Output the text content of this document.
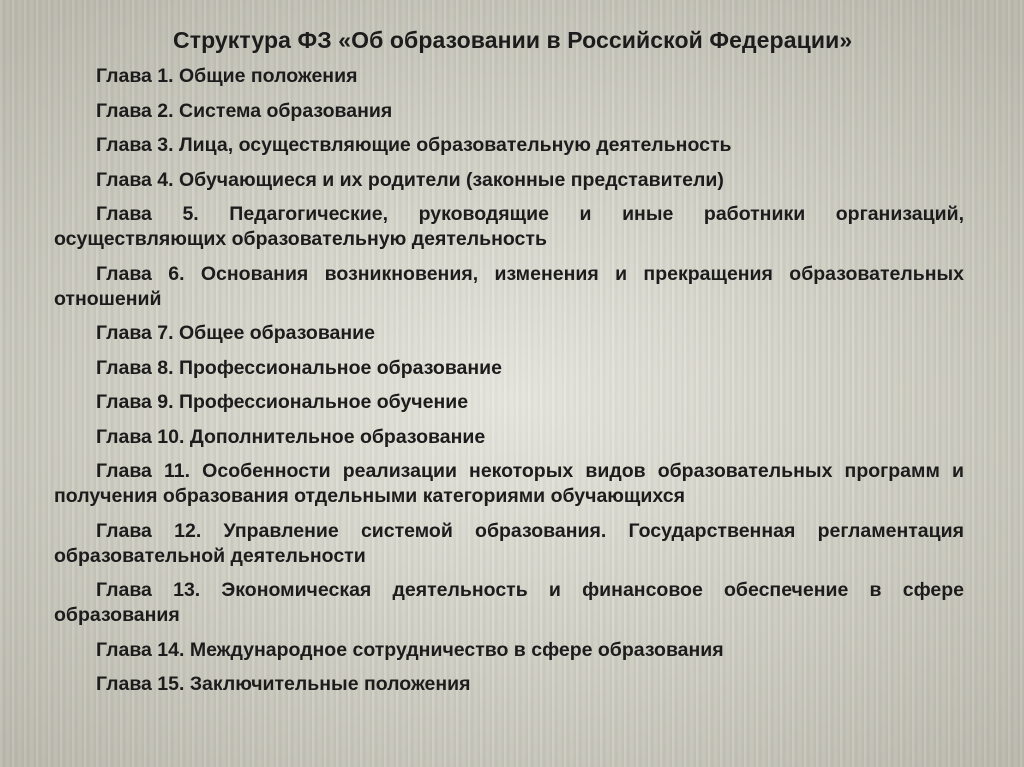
Структура ФЗ «Об образовании в Российской Федерации»
Глава 1. Общие положения
Глава 2. Система образования
Глава 3. Лица, осуществляющие образовательную деятельность
Глава 4. Обучающиеся и их родители (законные представители)
Глава 5. Педагогические, руководящие и иные работники организаций, осуществляющих образовательную деятельность
Глава 6. Основания возникновения, изменения и прекращения образовательных отношений
Глава 7. Общее образование
Глава 8. Профессиональное образование
Глава 9. Профессиональное обучение
Глава 10. Дополнительное образование
Глава 11. Особенности реализации некоторых видов образовательных программ и получения образования отдельными категориями обучающихся
Глава 12. Управление системой образования. Государственная регламентация образовательной деятельности
Глава 13. Экономическая деятельность и финансовое обеспечение в сфере образования
Глава 14. Международное сотрудничество в сфере образования
Глава 15. Заключительные положения
